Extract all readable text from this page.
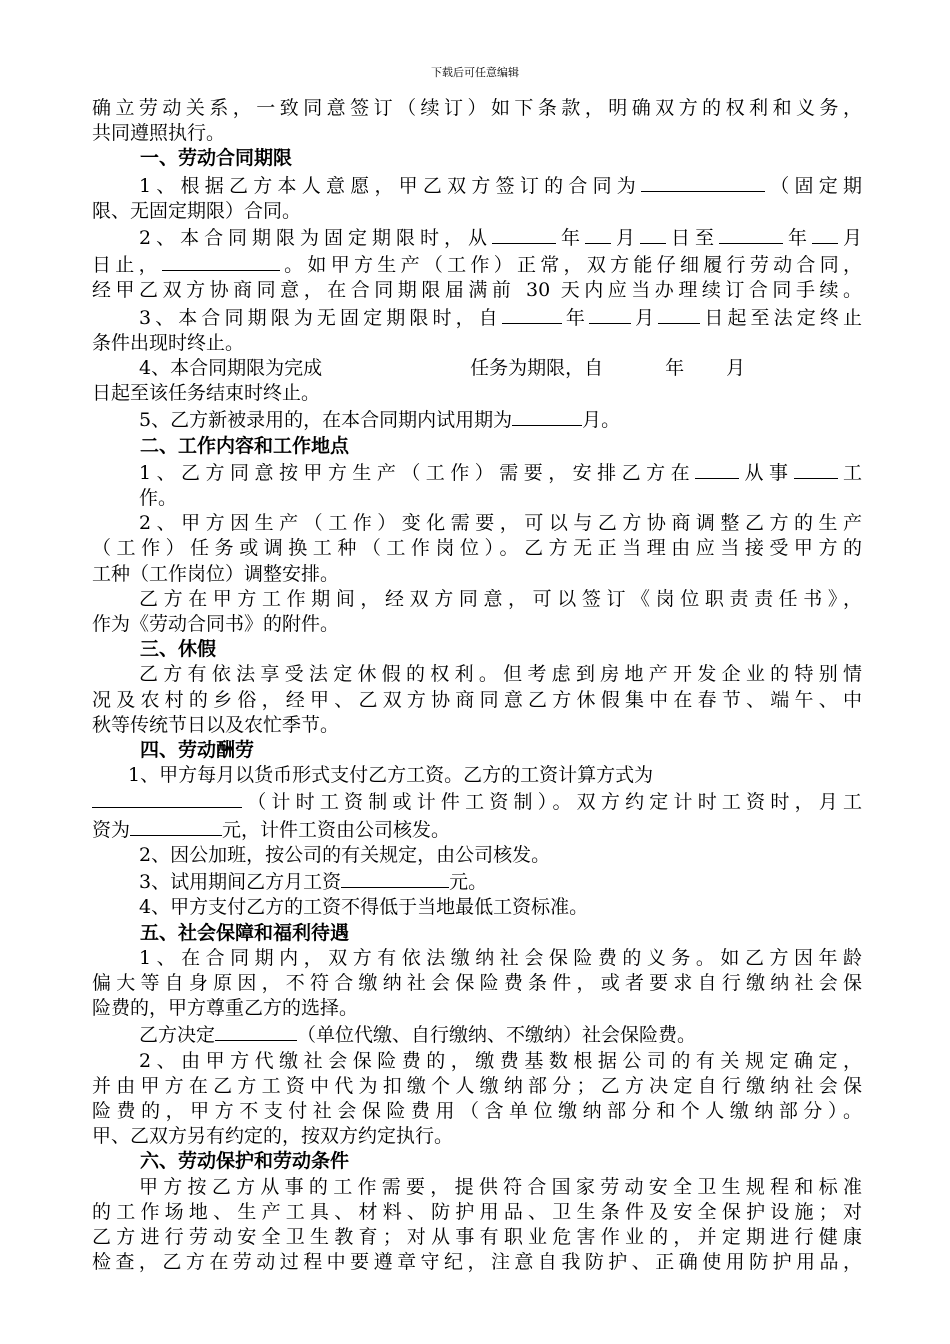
下载后可任意编辑

确立劳动关系，一致同意签订（续订）如下条款，明确双方的权利和义务，

共同遵照执行。

一、劳动合同期限

1、根据乙方本人意愿，甲乙双方签订的合同为	（固定期

限、无固定期限）合同。

2、本合同期限为固定期限时，从	年 月 日至	年 月

日止，	。如甲方生产（工作）正常，双方能仔细履行劳动合同，

经甲乙双方协商同意，在合同期限届满前 30 天内应当办理续订合同手续。

3、本合同期限为无固定期限时，自	年 月 日起至法定终止

条件出现时终止。

4、本合同期限为完成	任务为期限，自	年 月

日起至该任务结束时终止。

5、乙方新被录用的，在本合同期内试用期为	月。

二、工作内容和工作地点

1、乙方同意按甲方生产（工作）需要，安排乙方在 从事 工

作。

2、甲方因生产（工作）变化需要，可以与乙方协商调整乙方的生产

（工作）任务或调换工种（工作岗位）。乙方无正当理由应当接受甲方的

工种（工作岗位）调整安排。

乙方在甲方工作期间，经双方同意，可以签订《岗位职责责任书》，

作为《劳动合同书》的附件。

三、休假

乙方有依法享受法定休假的权利。但考虑到房地产开发企业的特别情

况及农村的乡俗，经甲、乙双方协商同意乙方休假集中在春节、端午、中

秋等传统节日以及农忙季节。

四、劳动酬劳

1、甲方每月以货币形式支付乙方工资。乙方的工资计算方式为

（计时工资制或计件工资制）。双方约定计时工资时，月工

资为	元，计件工资由公司核发。

2、因公加班，按公司的有关规定，由公司核发。

3、试用期间乙方月工资	元。

4、甲方支付乙方的工资不得低于当地最低工资标准。

五、社会保障和福利待遇

1、在合同期内，双方有依法缴纳社会保险费的义务。如乙方因年龄

偏大等自身原因，不符合缴纳社会保险费条件，或者要求自行缴纳社会保

险费的，甲方尊重乙方的选择。

乙方决定	（单位代缴、自行缴纳、不缴纳）社会保险费。

2、由甲方代缴社会保险费的，缴费基数根据公司的有关规定确定，

并由甲方在乙方工资中代为扣缴个人缴纳部分；乙方决定自行缴纳社会保

险费的，甲方不支付社会保险费用（含单位缴纳部分和个人缴纳部分）。

甲、乙双方另有约定的，按双方约定执行。

六、劳动保护和劳动条件

甲方按乙方从事的工作需要，提供符合国家劳动安全卫生规程和标准

的工作场地、生产工具、材料、防护用品、卫生条件及安全保护设施；对

乙方进行劳动安全卫生教育；对从事有职业危害作业的，并定期进行健康

检查，乙方在劳动过程中要遵章守纪，注意自我防护、正确使用防护用品，
